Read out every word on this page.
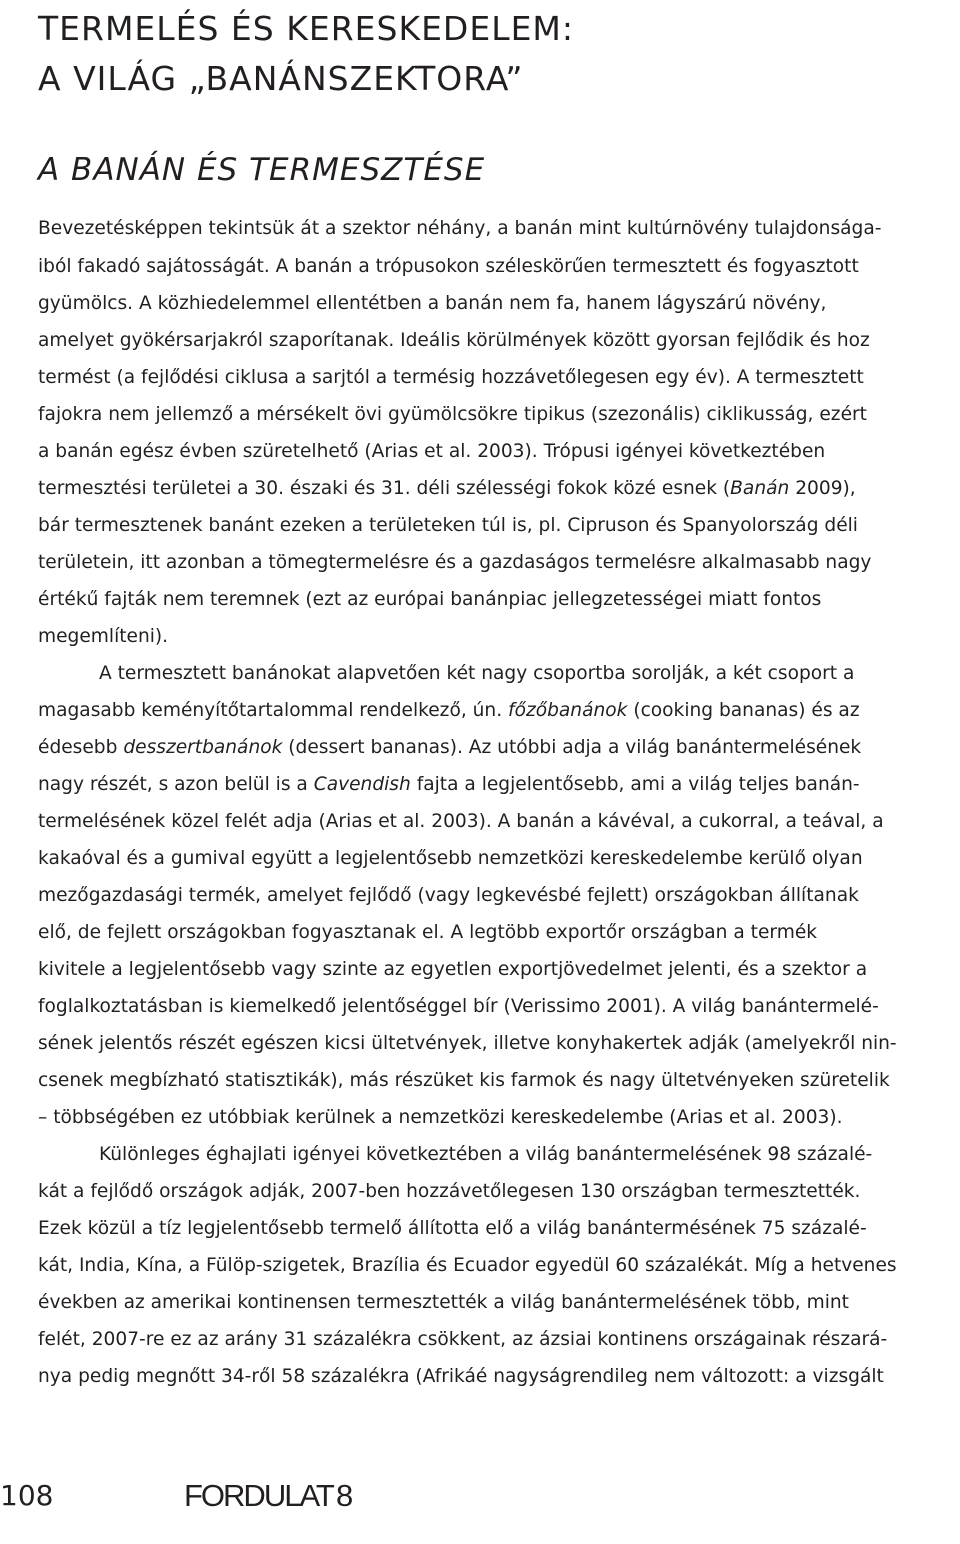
TERMELÉS ÉS KERESKEDELEM:
A VILÁG „BANÁNSZEKTORA”
A BANÁN ÉS TERMESZTÉSE
Bevezetésképpen tekintsük át a szektor néhány, a banán mint kultúrnövény tulajdonsága-
iból fakadó sajátosságát. A banán a trópusokon széleskörűen termesztett és fogyasztott
gyümölcs. A közhiedelemmel ellentétben a banán nem fa, hanem lágyszárú növény,
amelyet gyökérsarjakról szaporítanak. Ideális körülmények között gyorsan fejlődik és hoz
termést (a fejlődési ciklusa a sarjtól a termésig hozzávetőlegesen egy év). A termesztett
fajokra nem jellemző a mérsékelt övi gyümölcsökre tipikus (szezonális) ciklikusság, ezért
a banán egész évben szüretelhető (Arias et al. 2003). Trópusi igényei következtében
termesztési területei a 30. északi és 31. déli szélességi fokok közé esnek (Banán 2009),
bár termesztenek banánt ezeken a területeken túl is, pl. Cipruson és Spanyolország déli
területein, itt azonban a tömegtermelésre és a gazdaságos termelésre alkalmasabb nagy
értékű fajták nem teremnek (ezt az európai banánpiac jellegzetességei miatt fontos
megemlíteni).
A termesztett banánokat alapvetően két nagy csoportba sorolják, a két csoport a
magasabb keményítőtartalommal rendelkező, ún. főzőbanánok (cooking bananas) és az
édesebb desszertbanánok (dessert bananas). Az utóbbi adja a világ banántermelésének
nagy részét, s azon belül is a Cavendish fajta a legjelentősebb, ami a világ teljes banán-
termelésének közel felét adja (Arias et al. 2003). A banán a kávéval, a cukorral, a teával, a
kakaóval és a gumival együtt a legjelentősebb nemzetközi kereskedelembe kerülő olyan
mezőgazdasági termék, amelyet fejlődő (vagy legkevésbé fejlett) országokban állítanak
elő, de fejlett országokban fogyasztanak el. A legtöbb exportőr országban a termék
kivitele a legjelentősebb vagy szinte az egyetlen exportjövedelmet jelenti, és a szektor a
foglalkoztatásban is kiemelkedő jelentőséggel bír (Verissimo 2001). A világ banántermelé-
sének jelentős részét egészen kicsi ültetvények, illetve konyhakertek adják (amelyekről nin-
csenek megbízható statisztikák), más részüket kis farmok és nagy ültetvényeken szüretelik
– többségében ez utóbbiak kerülnek a nemzetközi kereskedelembe (Arias et al. 2003).
Különleges éghajlati igényei következtében a világ banántermelésének 98 százalé-
kát a fejlődő országok adják, 2007-ben hozzávetőlegesen 130 országban termesztették.
Ezek közül a tíz legjelentősebb termelő állította elő a világ banántermésének 75 százalé-
kát, India, Kína, a Fülöp-szigetek, Brazília és Ecuador egyedül 60 százalékát. Míg a hetvenes
években az amerikai kontinensen termesztették a világ banántermelésének több, mint
felét, 2007-re ez az arány 31 százalékra csökkent, az ázsiai kontinens országainak részará-
nya pedig megnőtt 34-ről 58 százalékra (Afrikáé nagyságrendileg nem változott: a vizsgált
108	FORDULAT 8
